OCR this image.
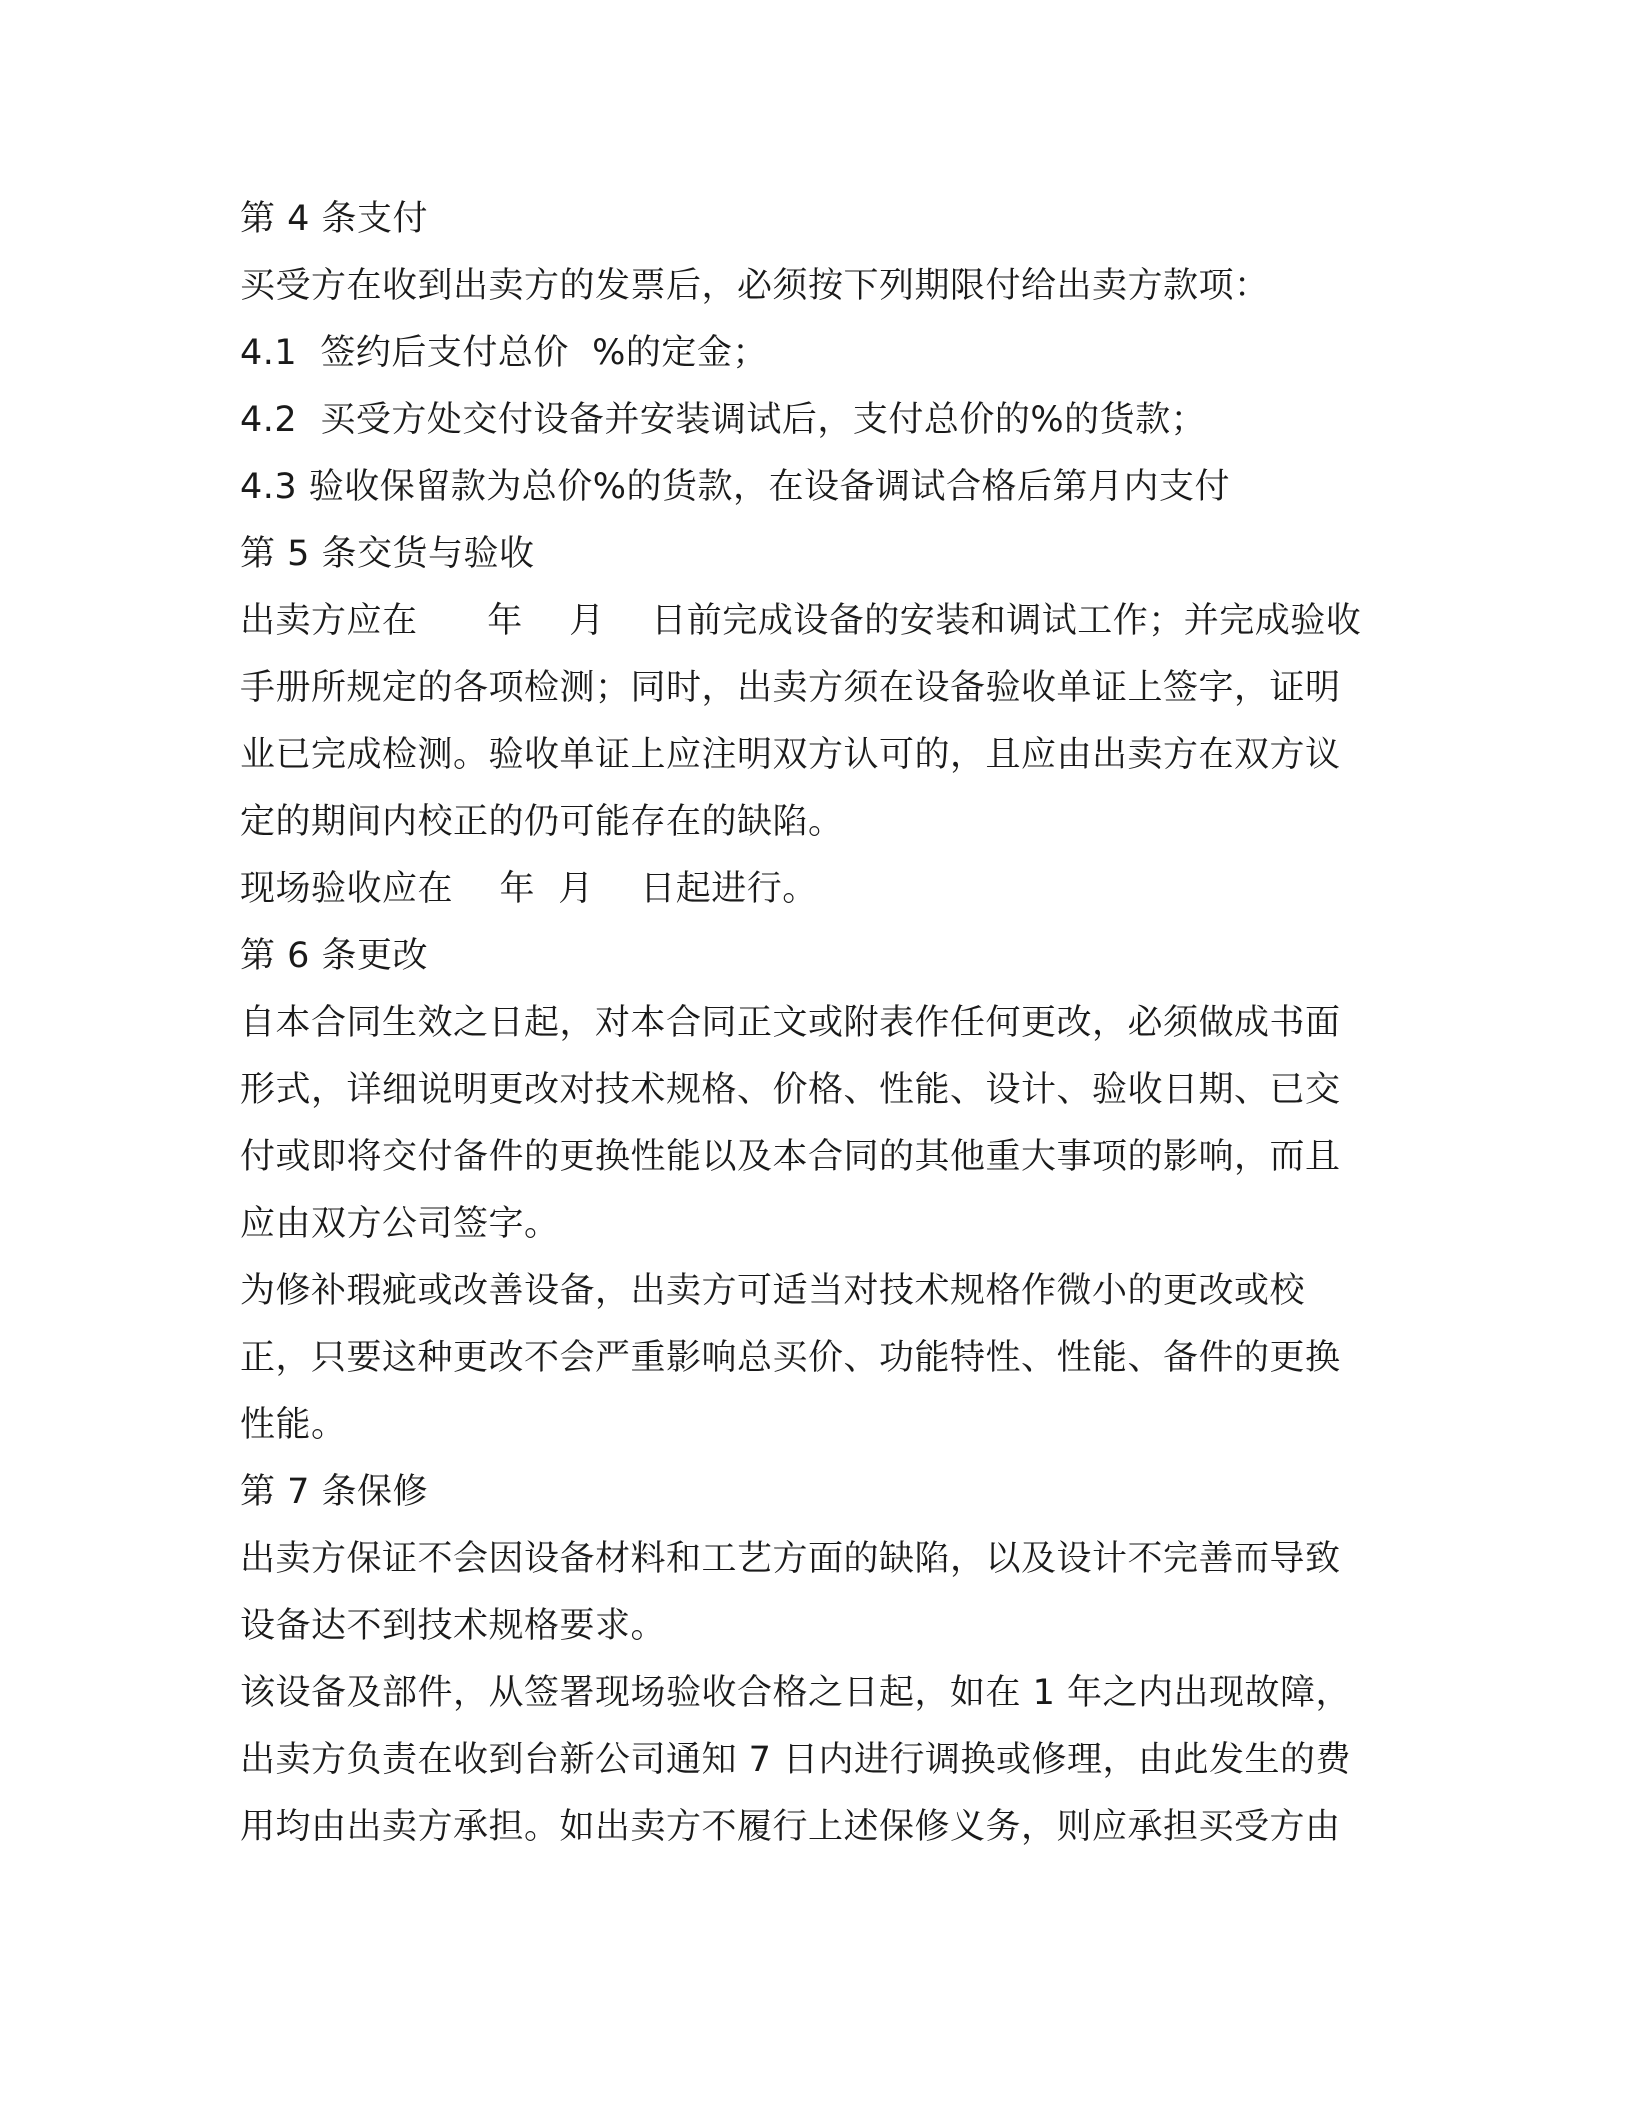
第 4 条支付
买受方在收到出卖方的发票后，必须按下列期限付给出卖方款项：
4.1  签约后支付总价  %的定金；
4.2  买受方处交付设备并安装调试后，支付总价的%的货款；
4.3 验收保留款为总价%的货款，在设备调试合格后第月内支付
第 5 条交货与验收
出卖方应在      年    月    日前完成设备的安装和调试工作；并完成验收
手册所规定的各项检测；同时，出卖方须在设备验收单证上签字，证明
业已完成检测。验收单证上应注明双方认可的，且应由出卖方在双方议
定的期间内校正的仍可能存在的缺陷。
现场验收应在    年  月    日起进行。
第 6 条更改
自本合同生效之日起，对本合同正文或附表作任何更改，必须做成书面
形式，详细说明更改对技术规格、价格、性能、设计、验收日期、已交
付或即将交付备件的更换性能以及本合同的其他重大事项的影响，而且
应由双方公司签字。
为修补瑕疵或改善设备，出卖方可适当对技术规格作微小的更改或校
正，只要这种更改不会严重影响总买价、功能特性、性能、备件的更换
性能。
第 7 条保修
出卖方保证不会因设备材料和工艺方面的缺陷，以及设计不完善而导致
设备达不到技术规格要求。
该设备及部件，从签署现场验收合格之日起，如在 1 年之内出现故障，
出卖方负责在收到台新公司通知 7 日内进行调换或修理，由此发生的费
用均由出卖方承担。如出卖方不履行上述保修义务，则应承担买受方由
